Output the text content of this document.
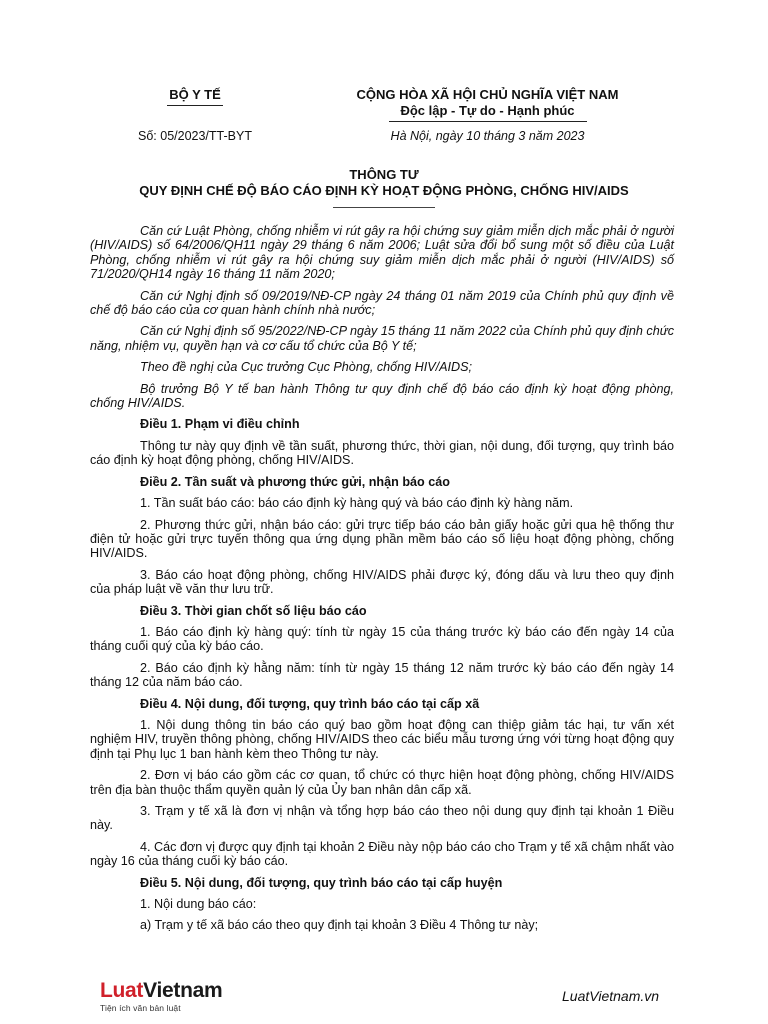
BỘ Y TẾ	CỘNG HÒA XÃ HỘI CHỦ NGHĨA VIỆT NAM
Độc lập - Tự do - Hạnh phúc
Số: 05/2023/TT-BYT	Hà Nội, ngày 10 tháng 3 năm 2023
THÔNG TƯ
QUY ĐỊNH CHẾ ĐỘ BÁO CÁO ĐỊNH KỲ HOẠT ĐỘNG PHÒNG, CHỐNG HIV/AIDS

Căn cứ Luật Phòng, chống nhiễm vi rút gây ra hội chứng suy giảm miễn dịch mắc phải ở người (HIV/AIDS) số 64/2006/QH11 ngày 29 tháng 6 năm 2006; Luật sửa đổi bổ sung một số điều của Luật Phòng, chống nhiễm vi rút gây ra hội chứng suy giảm miễn dịch mắc phải ở người (HIV/AIDS) số 71/2020/QH14 ngày 16 tháng 11 năm 2020;

Căn cứ Nghị định số 09/2019/NĐ-CP ngày 24 tháng 01 năm 2019 của Chính phủ quy định về chế độ báo cáo của cơ quan hành chính nhà nước;

Căn cứ Nghị định số 95/2022/NĐ-CP ngày 15 tháng 11 năm 2022 của Chính phủ quy định chức năng, nhiệm vụ, quyền hạn và cơ cấu tổ chức của Bộ Y tế;

Theo đề nghị của Cục trưởng Cục Phòng, chống HIV/AIDS;

Bộ trưởng Bộ Y tế ban hành Thông tư quy định chế độ báo cáo định kỳ hoạt động phòng, chống HIV/AIDS.

Điều 1. Phạm vi điều chỉnh

Thông tư này quy định về tần suất, phương thức, thời gian, nội dung, đối tượng, quy trình báo cáo định kỳ hoạt động phòng, chống HIV/AIDS.

Điều 2. Tần suất và phương thức gửi, nhận báo cáo

1. Tần suất báo cáo: báo cáo định kỳ hàng quý và báo cáo định kỳ hàng năm.

2. Phương thức gửi, nhận báo cáo: gửi trực tiếp báo cáo bản giấy hoặc gửi qua hệ thống thư điện tử hoặc gửi trực tuyến thông qua ứng dụng phần mềm báo cáo số liệu hoạt động phòng, chống HIV/AIDS.

3. Báo cáo hoạt động phòng, chống HIV/AIDS phải được ký, đóng dấu và lưu theo quy định của pháp luật về văn thư lưu trữ.

Điều 3. Thời gian chốt số liệu báo cáo

1. Báo cáo định kỳ hàng quý: tính từ ngày 15 của tháng trước kỳ báo cáo đến ngày 14 của tháng cuối quý của kỳ báo cáo.

2. Báo cáo định kỳ hằng năm: tính từ ngày 15 tháng 12 năm trước kỳ báo cáo đến ngày 14 tháng 12 của năm báo cáo.

Điều 4. Nội dung, đối tượng, quy trình báo cáo tại cấp xã

1. Nội dung thông tin báo cáo quý bao gồm hoạt động can thiệp giảm tác hại, tư vấn xét nghiệm HIV, truyền thông phòng, chống HIV/AIDS theo các biểu mẫu tương ứng với từng hoạt động quy định tại Phụ lục 1 ban hành kèm theo Thông tư này.

2. Đơn vị báo cáo gồm các cơ quan, tổ chức có thực hiện hoạt động phòng, chống HIV/AIDS trên địa bàn thuộc thẩm quyền quản lý của Ủy ban nhân dân cấp xã.

3. Trạm y tế xã là đơn vị nhận và tổng hợp báo cáo theo nội dung quy định tại khoản 1 Điều này.

4. Các đơn vị được quy định tại khoản 2 Điều này nộp báo cáo cho Trạm y tế xã chậm nhất vào ngày 16 của tháng cuối kỳ báo cáo.

Điều 5. Nội dung, đối tượng, quy trình báo cáo tại cấp huyện

1. Nội dung báo cáo:

a) Trạm y tế xã báo cáo theo quy định tại khoản 3 Điều 4 Thông tư này;

LuatVietnam
Tiện ích văn bản luật
LuatVietnam.vn
